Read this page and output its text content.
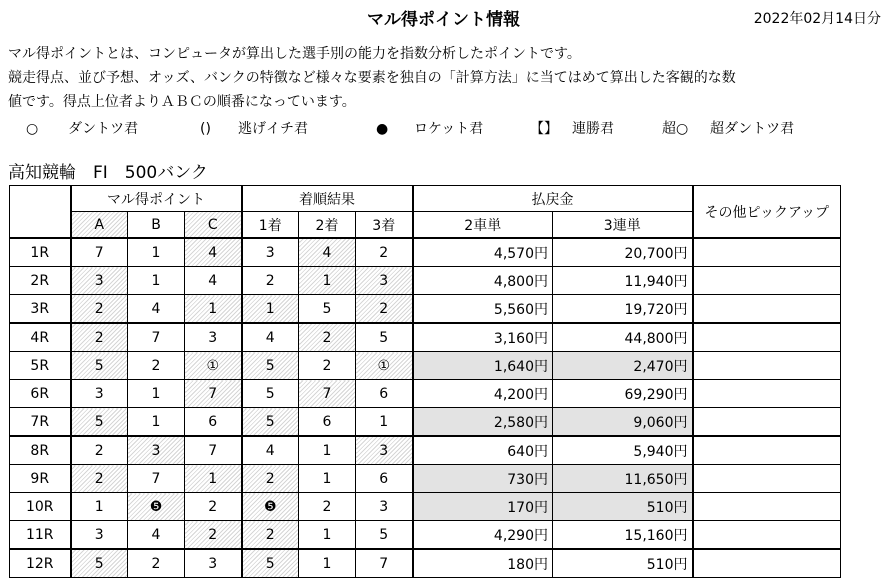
マル得ポイント情報	2022年02月14日分

マル得ポイントとは、コンピュータが算出した選手別の能力を指数分析したポイントです。

競走得点、並び予想、オッズ、バンクの特徴など様々な要素を独自の「計算方法」に当てはめて算出した客観的な数

値です。得点上位者よりＡＢＣの順番になっています。

○ ダントツ君	() 逃げイチ君	● ロケット君	【】 連勝君	超○ 超ダントツ君
高知競輪　FI　500バンク
	マル得ポイント			着順結果			払戻金		その他ピックアップ
	A	B	C	1着	2着	3着	2車単	3連単	
1R	7	1	4	3	4	2	4,570円	20,700円	
2R	3	1	4	2	1	3	4,800円	11,940円	
3R	2	4	1	1	5	2	5,560円	19,720円	
4R	2	7	3	4	2	5	3,160円	44,800円	
5R	5	2	①	5	2	①	1,640円	2,470円	
6R	3	1	7	5	7	6	4,200円	69,290円	
7R	5	1	6	5	6	1	2,580円	9,060円	
8R	2	3	7	4	1	3	640円	5,940円	
9R	2	7	1	2	1	6	730円	11,650円	
10R	1	❺	2	❺	2	3	170円	510円	
11R	3	4	2	2	1	5	4,290円	15,160円	
12R	5	2	3	5	1	7	180円	510円	
